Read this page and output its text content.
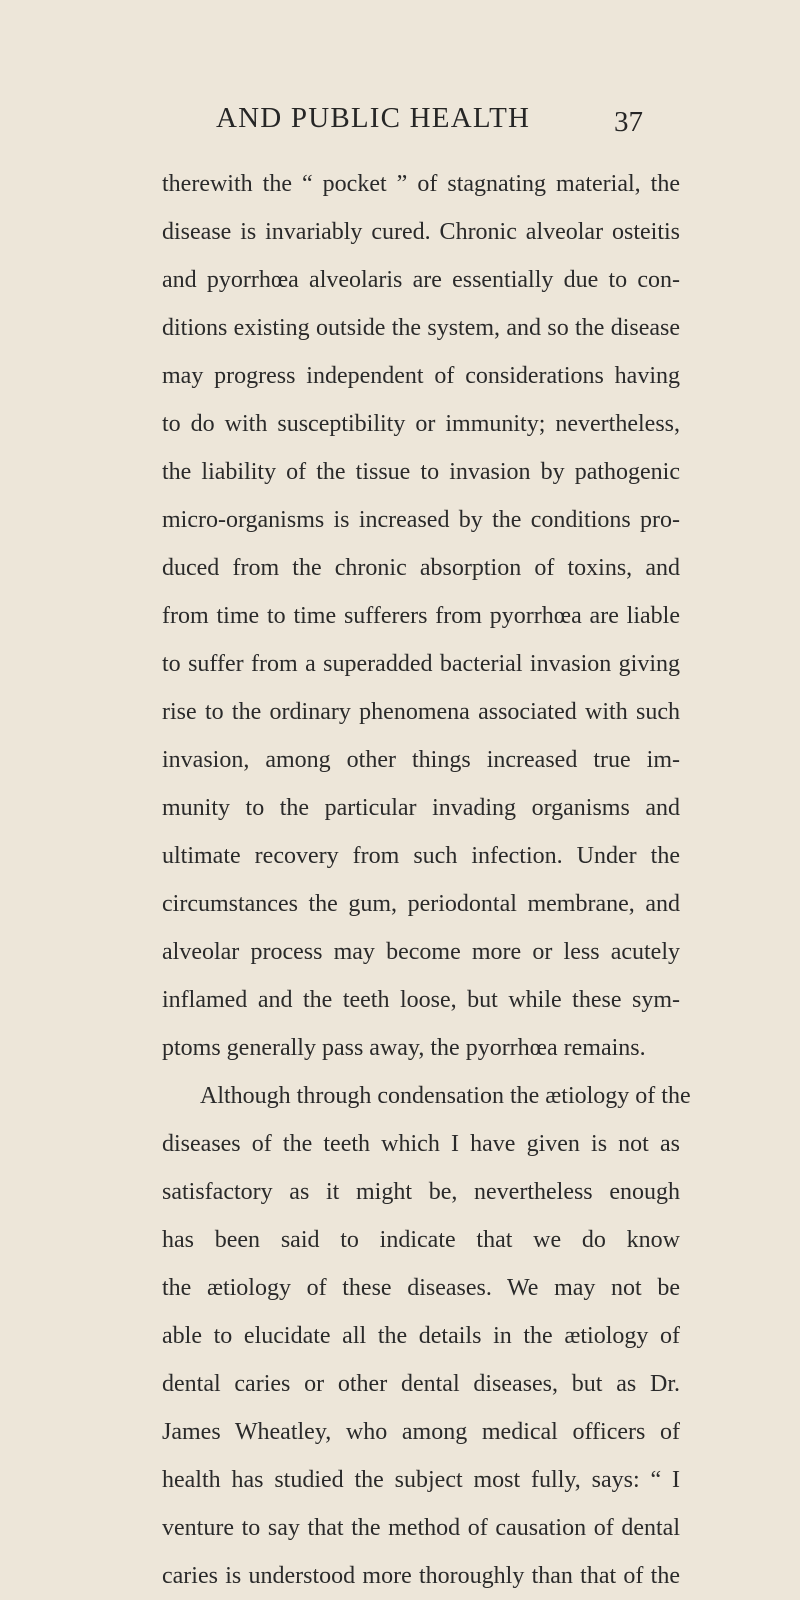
AND PUBLIC HEALTH	37
therewith the “ pocket ” of stagnating material, the
disease is invariably cured. Chronic alveolar osteitis
and pyorrhœa alveolaris are essentially due to con-
ditions existing outside the system, and so the disease
may progress independent of considerations having
to do with susceptibility or immunity; nevertheless,
the liability of the tissue to invasion by pathogenic
micro-organisms is increased by the conditions pro-
duced from the chronic absorption of toxins, and
from time to time sufferers from pyorrhœa are liable
to suffer from a superadded bacterial invasion giving
rise to the ordinary phenomena associated with such
invasion, among other things increased true im-
munity to the particular invading organisms and
ultimate recovery from such infection. Under the
circumstances the gum, periodontal membrane, and
alveolar process may become more or less acutely
inflamed and the teeth loose, but while these sym-
ptoms generally pass away, the pyorrhœa remains.
Although through condensation the ætiology of the
diseases of the teeth which I have given is not as
satisfactory as it might be, nevertheless enough
has been said to indicate that we do know
the ætiology of these diseases. We may not be
able to elucidate all the details in the ætiology of
dental caries or other dental diseases, but as Dr.
James Wheatley, who among medical officers of
health has studied the subject most fully, says: “ I
venture to say that the method of causation of dental
caries is understood more thoroughly than that of the
